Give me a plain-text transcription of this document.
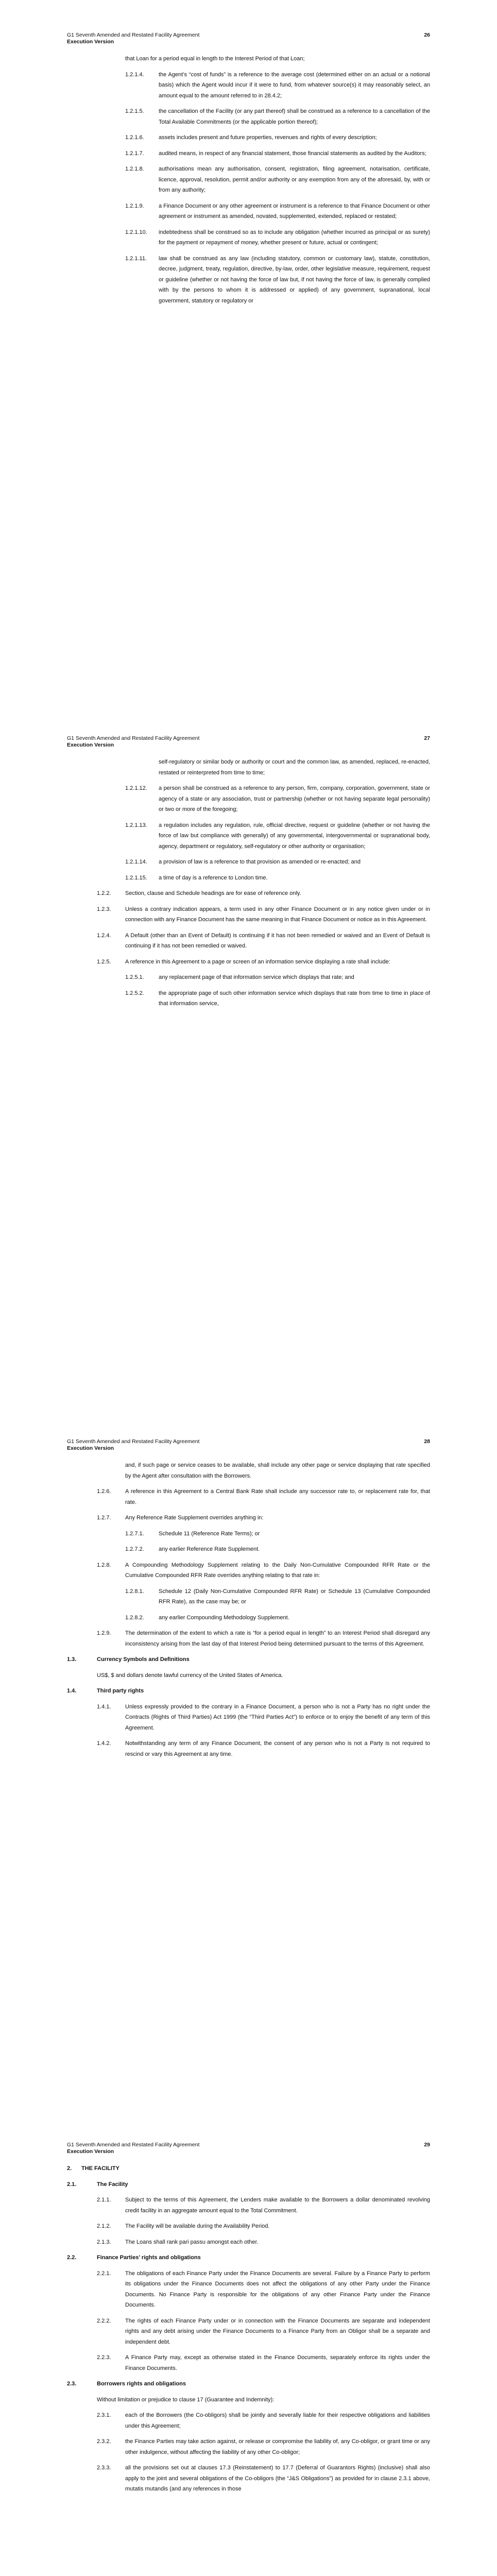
G1 Seventh Amended and Restated Facility Agreement
Execution Version
26
that Loan for a period equal in length to the Interest Period of that Loan;
1.2.1.4.	the Agent’s “cost of funds” is a reference to the average cost (determined either on an actual or a notional basis) which the Agent would incur if it were to fund, from whatever source(s) it may reasonably select, an amount equal to the amount referred to in 28.4.2;
1.2.1.5.	the cancellation of the Facility (or any part thereof) shall be construed as a reference to a cancellation of the Total Available Commitments (or the applicable portion thereof);
1.2.1.6.	assets includes present and future properties, revenues and rights of every description;
1.2.1.7.	audited means, in respect of any financial statement, those financial statements as audited by the Auditors;
1.2.1.8.	authorisations mean any authorisation, consent, registration, filing agreement, notarisation, certificate, licence, approval, resolution, permit and/or authority or any exemption from any of the aforesaid, by, with or from any authority;
1.2.1.9.	a Finance Document or any other agreement or instrument is a reference to that Finance Document or other agreement or instrument as amended, novated, supplemented, extended, replaced or restated;
1.2.1.10. indebtedness shall be construed so as to include any obligation (whether incurred as principal or as surety) for the payment or repayment of money, whether present or future, actual or contingent;
1.2.1.11. law shall be construed as any law (including statutory, common or customary law), statute, constitution, decree, judgment, treaty, regulation, directive, by-law, order, other legislative measure, requirement, request or guideline (whether or not having the force of law but, if not having the force of law, is generally complied with by the persons to whom it is addressed or applied) of any government, supranational, local government, statutory or regulatory or
G1 Seventh Amended and Restated Facility Agreement
Execution Version
27
self-regulatory or similar body or authority or court and the common law, as amended, replaced, re-enacted, restated or reinterpreted from time to time;
1.2.1.12. a person shall be construed as a reference to any person, firm, company, corporation, government, state or agency of a state or any association, trust or partnership (whether or not having separate legal personality) or two or more of the foregoing;
1.2.1.13. a regulation includes any regulation, rule, official directive, request or guideline (whether or not having the force of law but compliance with generally) of any governmental, intergovernmental or supranational body, agency, department or regulatory, self-regulatory or other authority or organisation;
1.2.1.14. a provision of law is a reference to that provision as amended or re-enacted; and
1.2.1.15. a time of day is a reference to London time.
1.2.2. Section, clause and Schedule headings are for ease of reference only.
1.2.3. Unless a contrary indication appears, a term used in any other Finance Document or in any notice given under or in connection with any Finance Document has the same meaning in that Finance Document or notice as in this Agreement.
1.2.4. A Default (other than an Event of Default) is continuing if it has not been remedied or waived and an Event of Default is continuing if it has not been remedied or waived.
1.2.5. A reference in this Agreement to a page or screen of an information service displaying a rate shall include:
1.2.5.1.	any replacement page of that information service which displays that rate; and
1.2.5.2.	the appropriate page of such other information service which displays that rate from time to time in place of that information service,
G1 Seventh Amended and Restated Facility Agreement
Execution Version
28
and, if such page or service ceases to be available, shall include any other page or service displaying that rate specified by the Agent after consultation with the Borrowers.
1.2.6. A reference in this Agreement to a Central Bank Rate shall include any successor rate to, or replacement rate for, that rate.
1.2.7. Any Reference Rate Supplement overrides anything in:
1.2.7.1.	Schedule 11 (Reference Rate Terms); or
1.2.7.2.	any earlier Reference Rate Supplement.
1.2.8. A Compounding Methodology Supplement relating to the Daily Non-Cumulative Compounded RFR Rate or the Cumulative Compounded RFR Rate overrides anything relating to that rate in:
1.2.8.1.	Schedule 12 (Daily Non-Cumulative Compounded RFR Rate) or Schedule 13 (Cumulative Compounded RFR Rate), as the case may be; or
1.2.8.2.	any earlier Compounding Methodology Supplement.
1.2.9. The determination of the extent to which a rate is “for a period equal in length” to an Interest Period shall disregard any inconsistency arising from the last day of that Interest Period being determined pursuant to the terms of this Agreement.
1.3.	Currency Symbols and Definitions
US$, $ and dollars denote lawful currency of the United States of America.
1.4.	Third party rights
1.4.1. Unless expressly provided to the contrary in a Finance Document, a person who is not a Party has no right under the Contracts (Rights of Third Parties) Act 1999 (the “Third Parties Act”) to enforce or to enjoy the benefit of any term of this Agreement.
1.4.2. Notwithstanding any term of any Finance Document, the consent of any person who is not a Party is not required to rescind or vary this Agreement at any time.
G1 Seventh Amended and Restated Facility Agreement
Execution Version
29
2. THE FACILITY
2.1.	The Facility
2.1.1. Subject to the terms of this Agreement, the Lenders make available to the Borrowers a dollar denominated revolving credit facility in an aggregate amount equal to the Total Commitment.
2.1.2. The Facility will be available during the Availability Period.
2.1.3. The Loans shall rank pari passu amongst each other.
2.2.	Finance Parties’ rights and obligations
2.2.1. The obligations of each Finance Party under the Finance Documents are several. Failure by a Finance Party to perform its obligations under the Finance Documents does not affect the obligations of any other Party under the Finance Documents. No Finance Party is responsible for the obligations of any other Finance Party under the Finance Documents.
2.2.2. The rights of each Finance Party under or in connection with the Finance Documents are separate and independent rights and any debt arising under the Finance Documents to a Finance Party from an Obligor shall be a separate and independent debt.
2.2.3. A Finance Party may, except as otherwise stated in the Finance Documents, separately enforce its rights under the Finance Documents.
2.3.	Borrowers rights and obligations
Without limitation or prejudice to clause 17 (Guarantee and Indemnity):
2.3.1. each of the Borrowers (the Co-obligors) shall be jointly and severally liable for their respective obligations and liabilities under this Agreement;
2.3.2. the Finance Parties may take action against, or release or compromise the liability of, any Co-obligor, or grant time or any other indulgence, without affecting the liability of any other Co-obligor;
2.3.3. all the provisions set out at clauses 17.3 (Reinstatement) to 17.7 (Deferral of Guarantors Rights) (inclusive) shall also apply to the joint and several obligations of the Co-obligors (the “J&S Obligations”) as provided for in clause 2.3.1 above, mutatis mutandis (and any references in those
